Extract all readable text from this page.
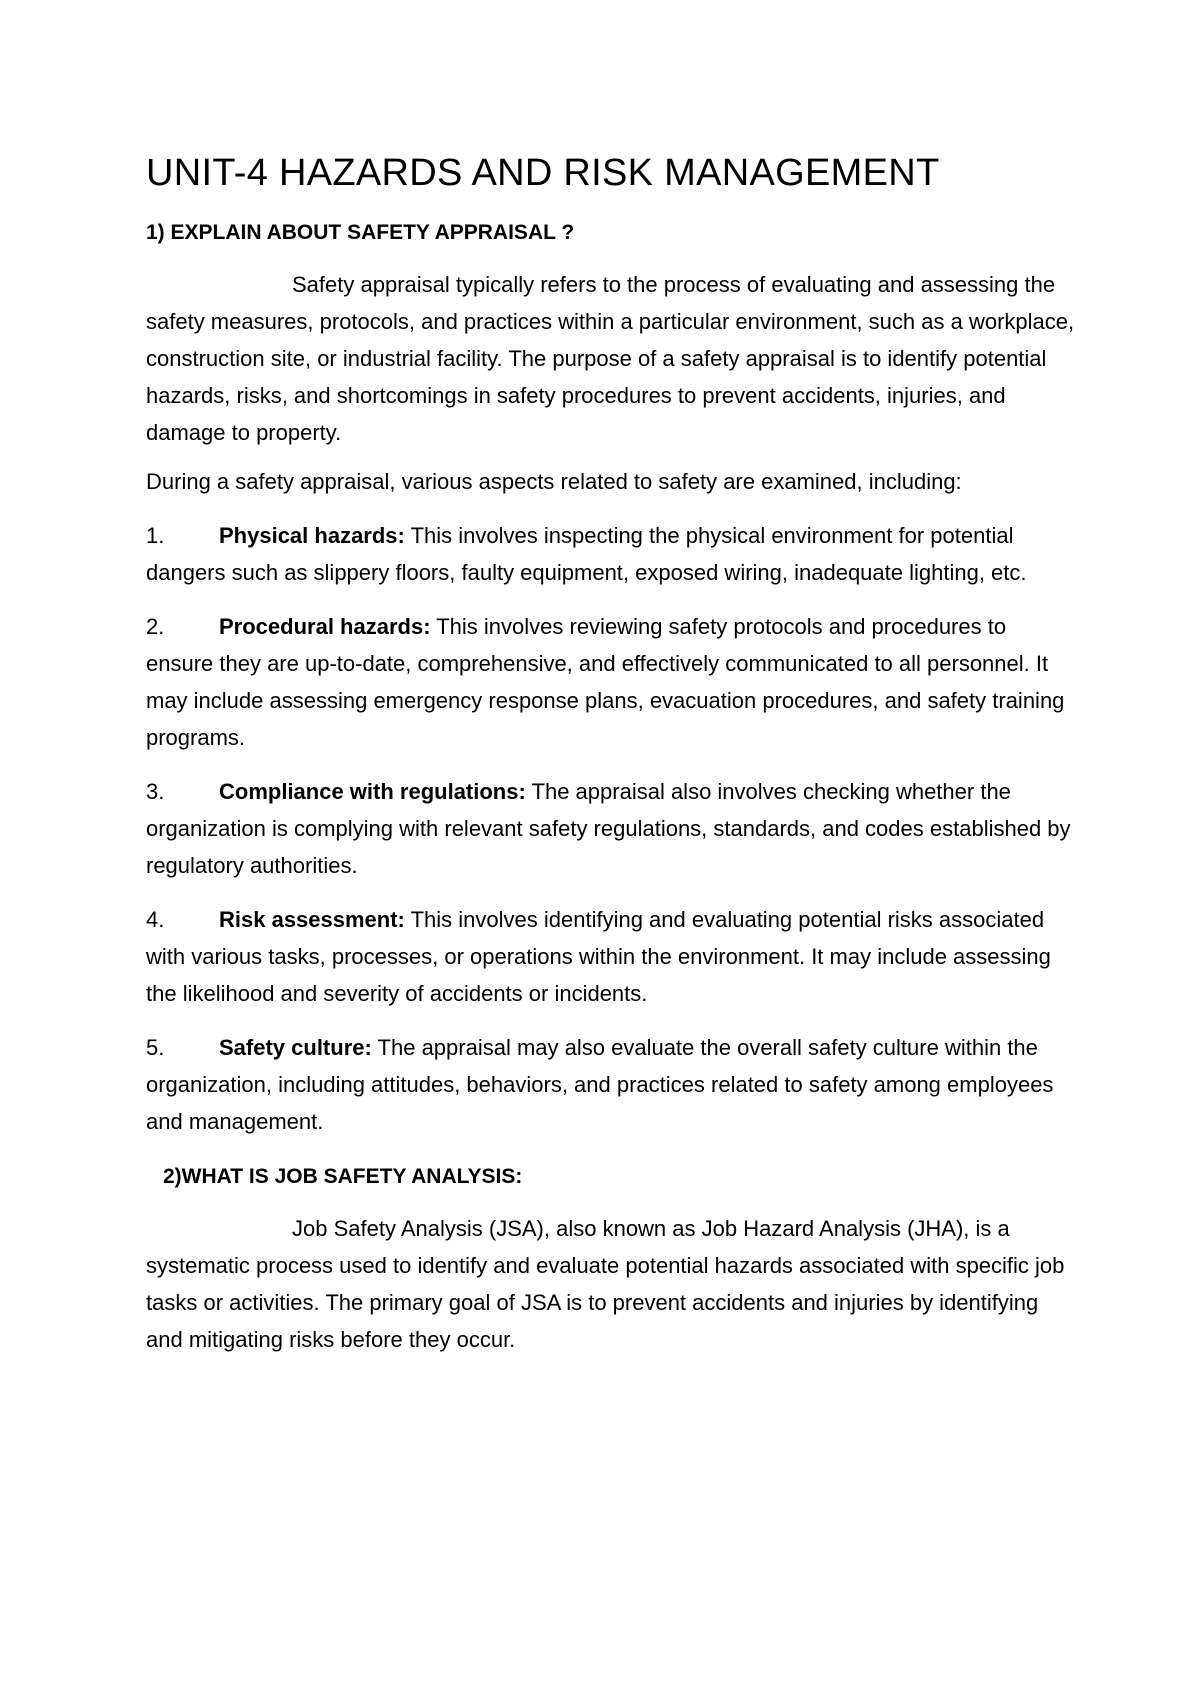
UNIT-4 HAZARDS AND RISK MANAGEMENT

1) EXPLAIN ABOUT SAFETY APPRAISAL ?

Safety appraisal typically refers to the process of evaluating and assessing the safety measures, protocols, and practices within a particular environment, such as a workplace, construction site, or industrial facility. The purpose of a safety appraisal is to identify potential hazards, risks, and shortcomings in safety procedures to prevent accidents, injuries, and damage to property.

During a safety appraisal, various aspects related to safety are examined, including:

1. Physical hazards: This involves inspecting the physical environment for potential dangers such as slippery floors, faulty equipment, exposed wiring, inadequate lighting, etc.
2. Procedural hazards: This involves reviewing safety protocols and procedures to ensure they are up-to-date, comprehensive, and effectively communicated to all personnel. It may include assessing emergency response plans, evacuation procedures, and safety training programs.
3. Compliance with regulations: The appraisal also involves checking whether the organization is complying with relevant safety regulations, standards, and codes established by regulatory authorities.
4. Risk assessment: This involves identifying and evaluating potential risks associated with various tasks, processes, or operations within the environment. It may include assessing the likelihood and severity of accidents or incidents.
5. Safety culture: The appraisal may also evaluate the overall safety culture within the organization, including attitudes, behaviors, and practices related to safety among employees and management.

2)WHAT IS JOB SAFETY ANALYSIS:

Job Safety Analysis (JSA), also known as Job Hazard Analysis (JHA), is a systematic process used to identify and evaluate potential hazards associated with specific job tasks or activities. The primary goal of JSA is to prevent accidents and injuries by identifying and mitigating risks before they occur.
